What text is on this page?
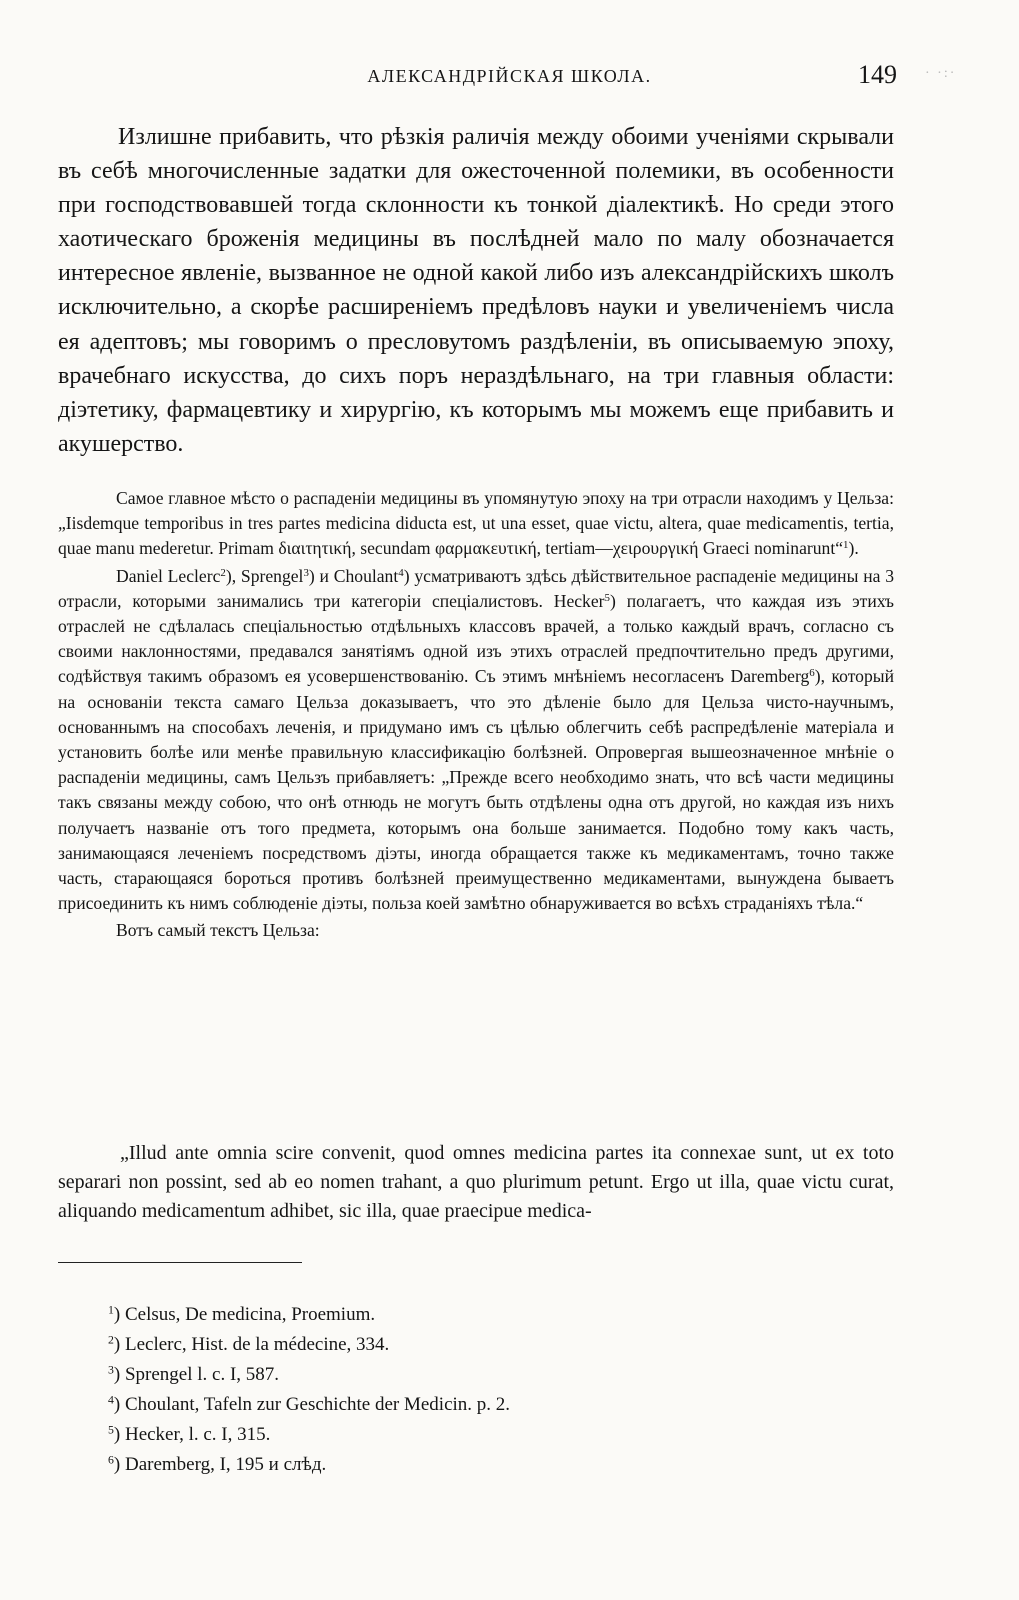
АЛЕКСАНДРІЙСКАЯ ШКОЛА.	149 · ·:·

Излишне прибавить, что рѣзкія раличія между обоими ученіями скрывали въ себѣ многочисленные задатки для ожесточенной полемики, въ особенности при господствовавшей тогда склонности къ тонкой діалектикѣ. Но среди этого хаотическаго броженія медицины въ послѣдней мало по малу обозначается интересное явленіе, вызванное не одной какой либо изъ александрійскихъ школъ исключительно, а скорѣе расширеніемъ предѣловъ науки и увеличеніемъ числа ея адептовъ; мы говоримъ о пресловутомъ раздѣленіи, въ описываемую эпоху, врачебнаго искусства, до сихъ поръ нераздѣльнаго, на три главныя области: діэтетику, фармацевтику и хирургію, къ которымъ мы можемъ еще прибавить и акушерство.

Самое главное мѣсто о распаденіи медицины въ упомянутую эпоху на три отрасли находимъ у Цельза: „Iisdemque temporibus in tres partes medicina diducta est, ut una esset, quae victu, altera, quae medicamentis, tertia, quae manu mederetur. Primam διαιτητική, secundam φαρμακευτική, tertiam—χειρουργική Graeci nominarunt“$^1$).

Daniel Leclerc$^2$), Sprengel$^3$) и Choulant$^4$) усматриваютъ здѣсь дѣйствительное распаденіе медицины на 3 отрасли, которыми занимались три категоріи спеціалистовъ. Hecker$^5$) полагаетъ, что каждая изъ этихъ отраслей не сдѣлалась спеціальностью отдѣльныхъ классовъ врачей, а только каждый врачъ, согласно съ своими наклонностями, предавался занятіямъ одной изъ этихъ отраслей предпочтительно предъ другими, содѣйствуя такимъ образомъ ея усовершенствованію. Съ этимъ мнѣніемъ несогласенъ Daremberg$^6$), который на основаніи текста самаго Цельза доказываетъ, что это дѣленіе было для Цельза чисто-научнымъ, основаннымъ на способахъ леченія, и придумано имъ съ цѣлью облегчить себѣ распредѣленіе матеріала и установить болѣе или менѣе правильную классификацію болѣзней. Опровергая вышеозначенное мнѣніе о распаденіи медицины, самъ Цельзъ прибавляетъ: „Прежде всего необходимо знать, что всѣ части медицины такъ связаны между собою, что онѣ отнюдь не могутъ быть отдѣлены одна отъ другой, но каждая изъ нихъ получаетъ названіе отъ того предмета, которымъ она больше занимается. Подобно тому какъ часть, занимающаяся леченіемъ посредствомъ діэты, иногда обращается также къ медикаментамъ, точно также часть, старающаяся бороться противъ болѣзней преимущественно медикаментами, вынуждена бываетъ присоединить къ нимъ соблюденіе діэты, польза коей замѣтно обнаруживается во всѣхъ страданіяхъ тѣла.“

Вотъ самый текстъ Цельза:

„Illud ante omnia scire convenit, quod omnes medicina partes ita connexae sunt, ut ex toto separari non possint, sed ab eo nomen trahant, a quo plurimum petunt. Ergo ut illa, quae victu curat, aliquando medicamentum adhibet, sic illa, quae praecipue medica-

$^1$) Celsus, De medicina, Proemium.
$^2$) Leclerc, Hist. de la médecine, 334.
$^3$) Sprengel l. c. I, 587.
$^4$) Choulant, Tafeln zur Geschichte der Medicin. p. 2.
$^5$) Hecker, l. c. I, 315.
$^6$) Daremberg, I, 195 и слѣд.
